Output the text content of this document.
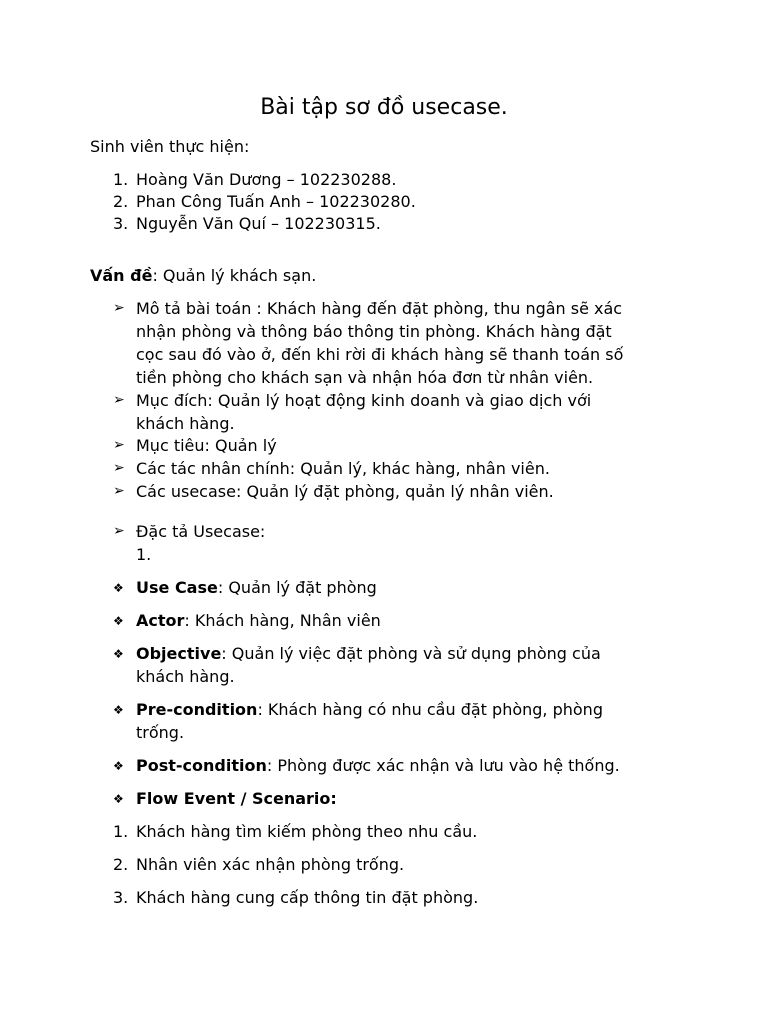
Bài tập sơ đồ usecase.
Sinh viên thực hiện:
1. Hoàng Văn Dương – 102230288.
2. Phan Công Tuấn Anh – 102230280.
3. Nguyễn Văn Quí – 102230315.
Vấn đề: Quản lý khách sạn.
➢ Mô tả bài toán : Khách hàng đến đặt phòng, thu ngân sẽ xác
nhận phòng và thông báo thông tin phòng. Khách hàng đặt
cọc sau đó vào ở, đến khi rời đi khách hàng sẽ thanh toán số
tiền phòng cho khách sạn và nhận hóa đơn từ nhân viên.
➢ Mục đích: Quản lý hoạt động kinh doanh và giao dịch với
khách hàng.
➢ Mục tiêu: Quản lý
➢ Các tác nhân chính: Quản lý, khác hàng, nhân viên.
➢ Các usecase: Quản lý đặt phòng, quản lý nhân viên.
➢ Đặc tả Usecase:
1.
❖ Use Case: Quản lý đặt phòng
❖ Actor: Khách hàng, Nhân viên
❖ Objective: Quản lý việc đặt phòng và sử dụng phòng của
khách hàng.
❖ Pre-condition: Khách hàng có nhu cầu đặt phòng, phòng
trống.
❖ Post-condition: Phòng được xác nhận và lưu vào hệ thống.
❖ Flow Event / Scenario:
1. Khách hàng tìm kiếm phòng theo nhu cầu.
2. Nhân viên xác nhận phòng trống.
3. Khách hàng cung cấp thông tin đặt phòng.
